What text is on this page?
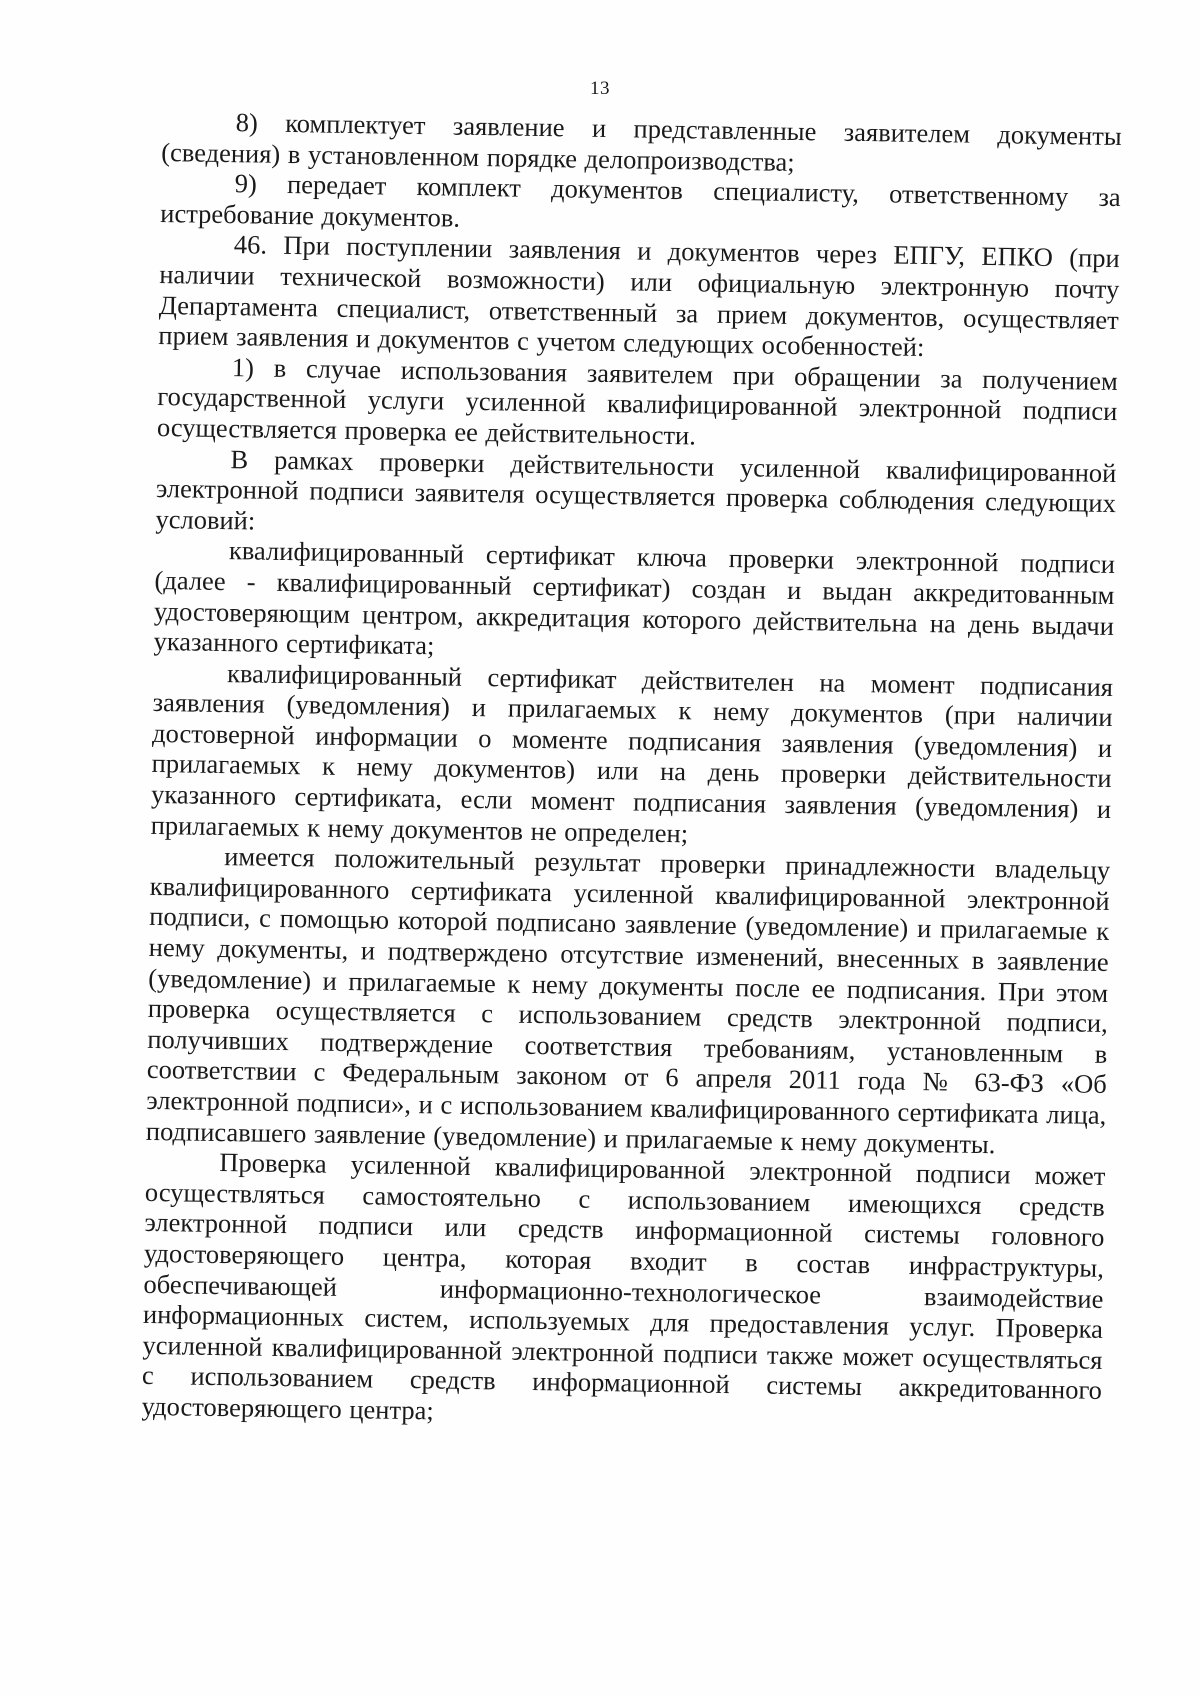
13

8) комплектует заявление и представленные заявителем документы (сведения) в установленном порядке делопроизводства;

9) передает комплект документов специалисту, ответственному за истребование документов.

46. При поступлении заявления и документов через ЕПГУ, ЕПКО (при наличии технической возможности) или официальную электронную почту Департамента специалист, ответственный за прием документов, осуществляет прием заявления и документов с учетом следующих особенностей:

1) в случае использования заявителем при обращении за получением государственной услуги усиленной квалифицированной электронной подписи осуществляется проверка ее действительности.

В рамках проверки действительности усиленной квалифицированной электронной подписи заявителя осуществляется проверка соблюдения следующих условий:

квалифицированный сертификат ключа проверки электронной подписи (далее - квалифицированный сертификат) создан и выдан аккредитованным удостоверяющим центром, аккредитация которого действительна на день выдачи указанного сертификата;

квалифицированный сертификат действителен на момент подписания заявления (уведомления) и прилагаемых к нему документов (при наличии достоверной информации о моменте подписания заявления (уведомления) и прилагаемых к нему документов) или на день проверки действительности указанного сертификата, если момент подписания заявления (уведомления) и прилагаемых к нему документов не определен;

имеется положительный результат проверки принадлежности владельцу квалифицированного сертификата усиленной квалифицированной электронной подписи, с помощью которой подписано заявление (уведомление) и прилагаемые к нему документы, и подтверждено отсутствие изменений, внесенных в заявление (уведомление) и прилагаемые к нему документы после ее подписания. При этом проверка осуществляется с использованием средств электронной подписи, получивших подтверждение соответствия требованиям, установленным в соответствии с Федеральным законом от 6 апреля 2011 года № 63-ФЗ «Об электронной подписи», и с использованием квалифицированного сертификата лица, подписавшего заявление (уведомление) и прилагаемые к нему документы.

Проверка усиленной квалифицированной электронной подписи может осуществляться самостоятельно с использованием имеющихся средств электронной подписи или средств информационной системы головного удостоверяющего центра, которая входит в состав инфраструктуры, обеспечивающей информационно-технологическое взаимодействие информационных систем, используемых для предоставления услуг. Проверка усиленной квалифицированной электронной подписи также может осуществляться с использованием средств информационной системы аккредитованного удостоверяющего центра;
